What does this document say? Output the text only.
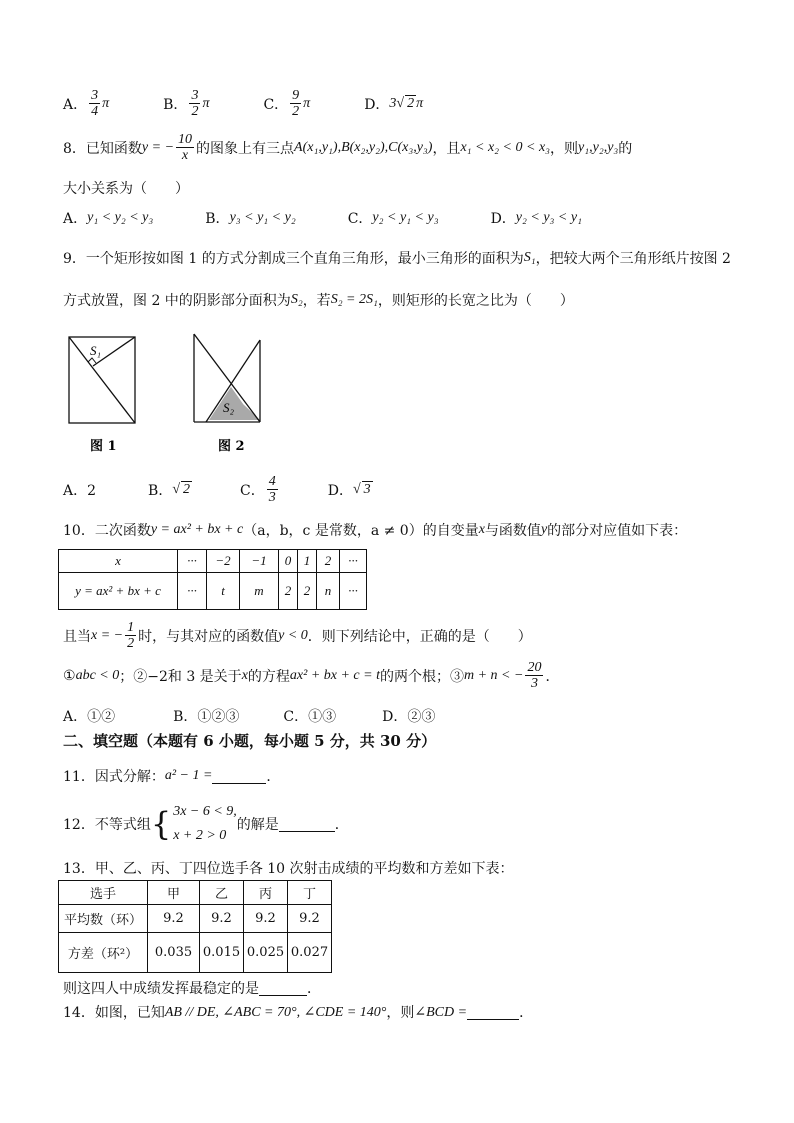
A． $\frac{3}{4}$ π	B． $\frac{3}{2}$ π	C． $\frac{9}{2}$ π	D． 3 √ 2 π
8．已知函数 y = − $\frac{10}{x}$ 的图象上有三点 A(x₁,y₁),B(x₂,y₂),C(x₃,y₃) ，且 x₁ < x₂ < 0 < x₃ ，则 y₁,y₂,y₃ 的
大小关系为（　　）
A． y₁ < y₂ < y₃	B． y₃ < y₁ < y₂	C． y₂ < y₁ < y₃	D． y₂ < y₃ < y₁
9．一个矩形按如图 1 的方式分割成三个直角三角形，最小三角形的面积为 S₁ ，把较大两个三角形纸片按图 2
方式放置，图 2 中的阴影部分面积为 S₂ ，若 S₂ = 2S₁ ，则矩形的长宽之比为（　　）
S₁
S₂
图 1	图 2
A．2	B． √ 2	C． $\frac{4}{3}$	D． √ 3
10．二次函数 y = ax² + bx + c （a，b，c 是常数，a ≠ 0）的自变量 x 与函数值 y 的部分对应值如下表：
x	···	−2	−1	0	1	2	···
y = ax² + bx + c	···	t	m	2	2	n	···
且当 x = − $\frac{1}{2}$ 时，与其对应的函数值 y < 0 ．则下列结论中，正确的是（　　）
① abc < 0 ；②−2和 3 是关于 x 的方程 ax² + bx + c = t 的两个根；③ m + n < − $\frac{20}{3}$ ．
A．①②	B．①②③	C．①③	D．②③
二、填空题（本题有 6 小题，每小题 5 分，共 30 分）
11．因式分解： a² − 1 =	．
12．不等式组 { 3x − 6 < 9,
x + 2 > 0
的解是	．
13．甲、乙、丙、丁四位选手各 10 次射击成绩的平均数和方差如下表：
选手	甲	乙	丙	丁
平均数（环）	9.2	9.2	9.2	9.2
方差（环²）	0.035	0.015	0.025	0.027
则这四人中成绩发挥最稳定的是	．
14．如图，已知 AB // DE, ∠ABC = 70°, ∠CDE = 140° ，则 ∠BCD =	．
